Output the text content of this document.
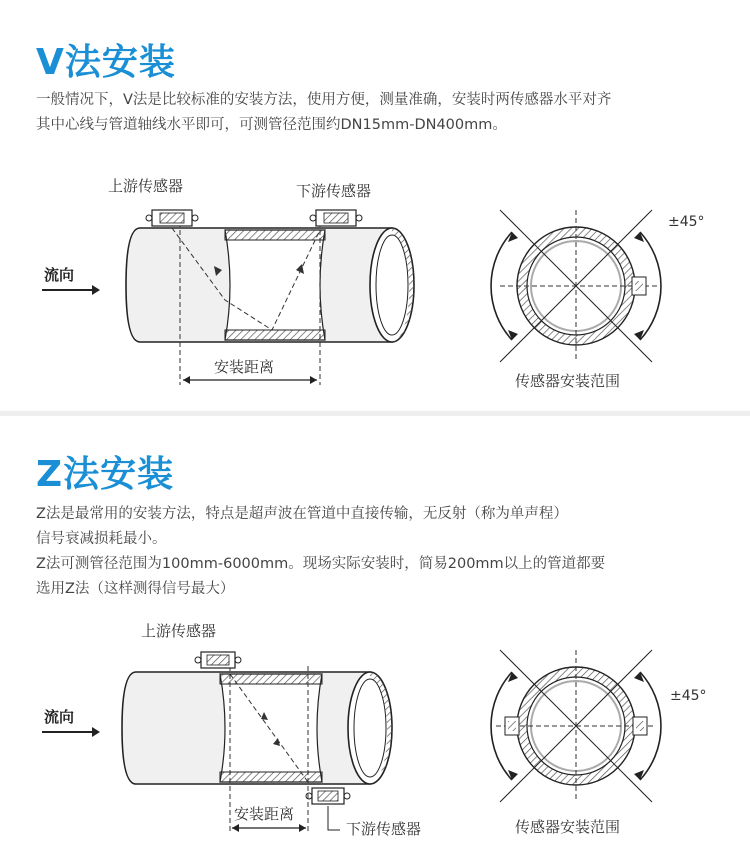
V法安装
一般情况下，V法是比较标准的安装方法，使用方便，测量准确，安装时两传感器水平对齐
其中心线与管道轴线水平即可，可测管径范围约DN15mm-DN400mm。
上游传感器	下游传感器
流向
安装距离
±45°
传感器安装范围
Z法安装
Z法是最常用的安装方法，特点是超声波在管道中直接传输，无反射（称为单声程）
信号衰减损耗最小。
Z法可测管径范围为100mm-6000mm。现场实际安装时，简易200mm以上的管道都要
选用Z法（这样测得信号最大）
上游传感器
流向
安装距离
下游传感器
±45°
传感器安装范围
